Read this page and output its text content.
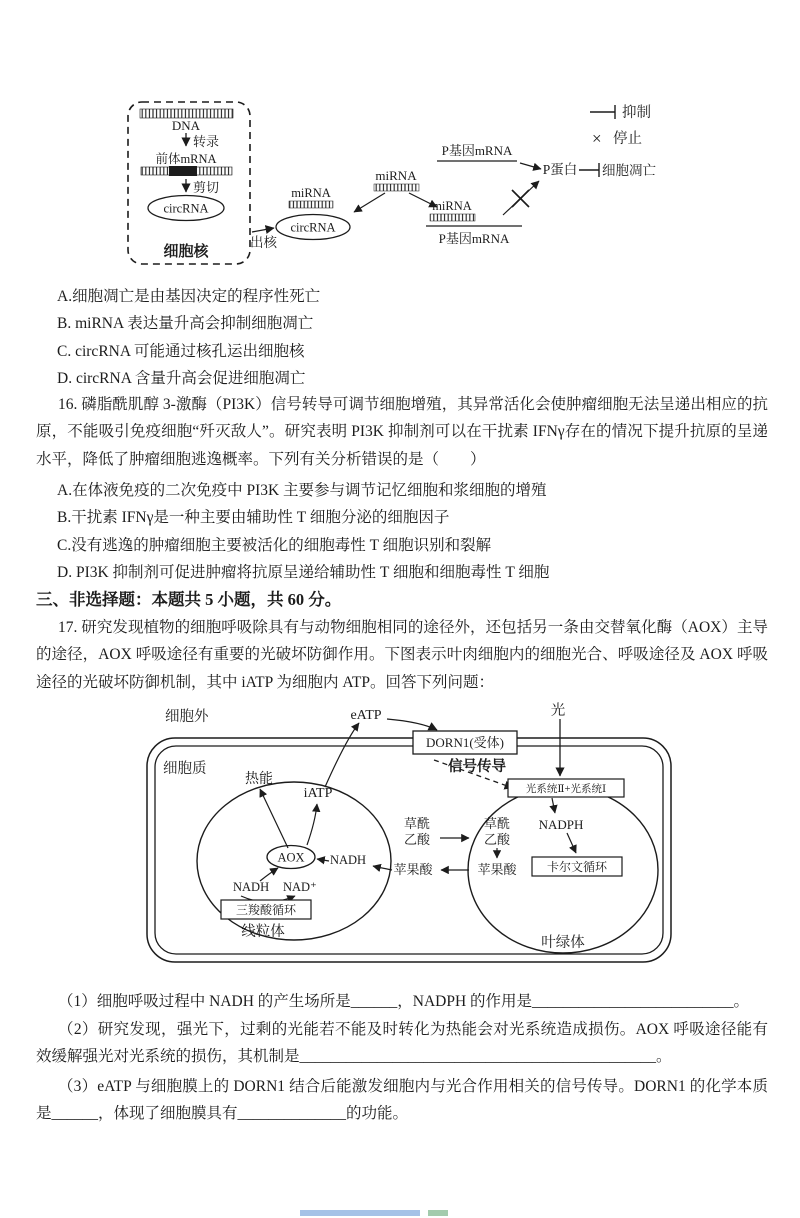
DNA
转录
前体mRNA
剪切
circRNA
细胞核
出核
miRNA
circRNA
miRNA
miRNA
P基因mRNA
P基因mRNA
P蛋白 细胞凋亡
抑制
× 停止
A.细胞凋亡是由基因决定的程序性死亡
B. miRNA 表达量升高会抑制细胞凋亡
C. circRNA 可能通过核孔运出细胞核
D. circRNA 含量升高会促进细胞凋亡
16. 磷脂酰肌醇 3-激酶（PI3K）信号转导可调节细胞增殖，其异常活化会使肿瘤细胞无法呈递出相应的抗原，不能吸引免疫细胞“歼灭敌人”。研究表明 PI3K 抑制剂可以在干扰素 IFNγ存在的情况下提升抗原的呈递水平，降低了肿瘤细胞逃逸概率。下列有关分析错误的是（　　）
A.在体液免疫的二次免疫中 PI3K 主要参与调节记忆细胞和浆细胞的增殖
B.干扰素 IFNγ是一种主要由辅助性 T 细胞分泌的细胞因子
C.没有逃逸的肿瘤细胞主要被活化的细胞毒性 T 细胞识别和裂解
D. PI3K 抑制剂可促进肿瘤将抗原呈递给辅助性 T 细胞和细胞毒性 T 细胞
三、非选择题：本题共 5 小题，共 60 分。
17. 研究发现植物的细胞呼吸除具有与动物细胞相同的途径外，还包括另一条由交替氧化酶（AOX）主导的途径，AOX 呼吸途径有重要的光破坏防御作用。下图表示叶肉细胞内的细胞光合、呼吸途径及 AOX 呼吸途径的光破坏防御机制，其中 iATP 为细胞内 ATP。回答下列问题：
细胞外	eATP	光
DORN1(受体)
细胞质
热能
iATP
信号传导
光系统Ⅱ+光系统Ⅰ
NADPH
卡尔文循环
草酰
乙酸
苹果酸
草酰
乙酸
苹果酸
AOX NADH
NADH NAD⁺
三羧酸循环
线粒体
叶绿体
（1）细胞呼吸过程中 NADH 的产生场所是______，NADPH 的作用是__________________________。
（2）研究发现，强光下，过剩的光能若不能及时转化为热能会对光系统造成损伤。AOX 呼吸途径能有效缓解强光对光系统的损伤，其机制是______________________________________________。
（3）eATP 与细胞膜上的 DORN1 结合后能激发细胞内与光合作用相关的信号传导。DORN1 的化学本质是______，体现了细胞膜具有______________的功能。
